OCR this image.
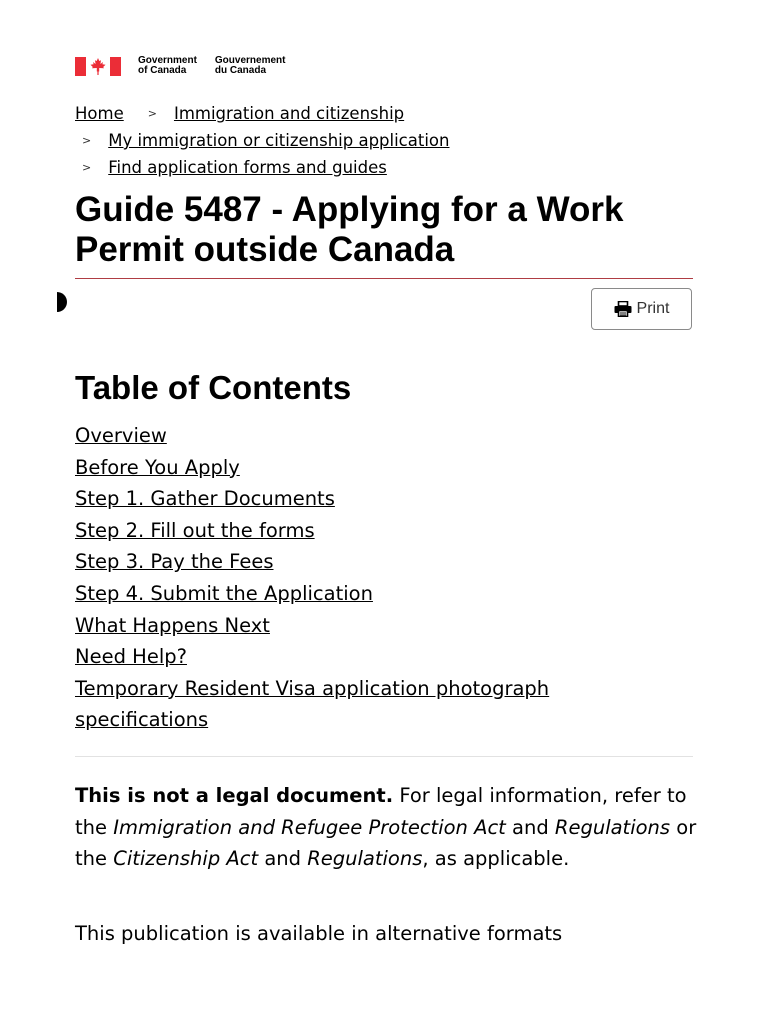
Government
of Canada
Gouvernement
du Canada
Home > Immigration and citizenship
> My immigration or citizenship application
> Find application forms and guides
Guide 5487 - Applying for a Work Permit outside Canada
Print
Table of Contents
Overview
Before You Apply
Step 1. Gather Documents
Step 2. Fill out the forms
Step 3. Pay the Fees
Step 4. Submit the Application
What Happens Next
Need Help?
Temporary Resident Visa application photograph specifications

This is not a legal document. For legal information, refer to the Immigration and Refugee Protection Act and Regulations or the Citizenship Act and Regulations, as applicable.

This publication is available in alternative formats
